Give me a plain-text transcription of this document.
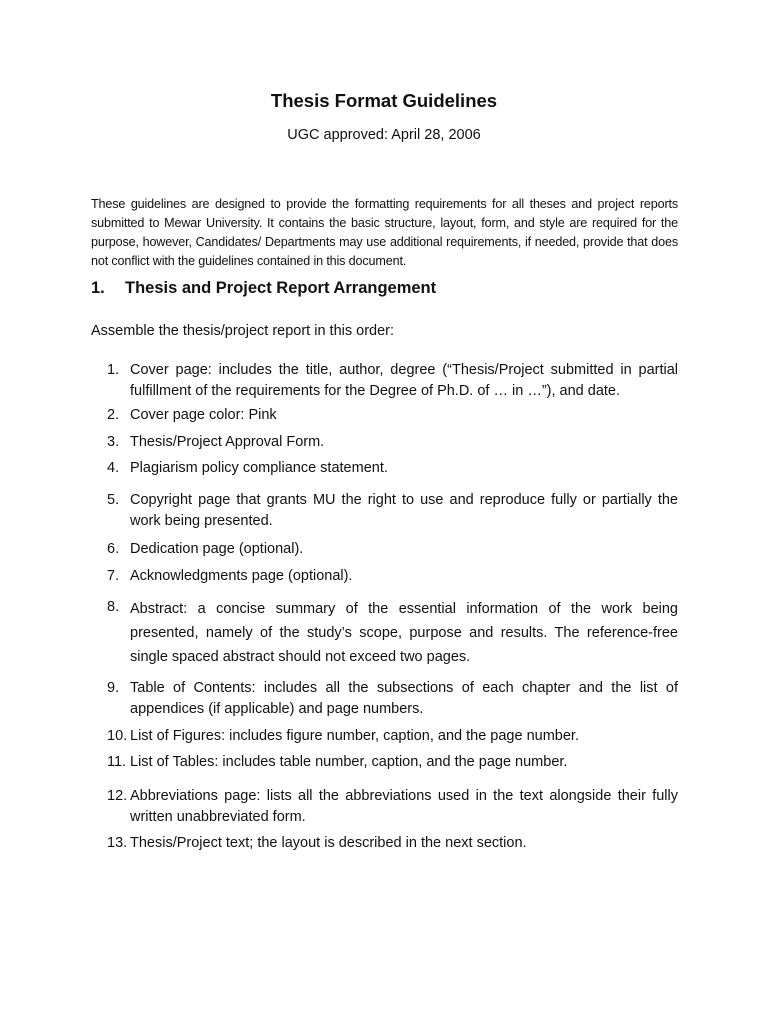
Thesis Format Guidelines
UGC approved: April 28, 2006
These guidelines are designed to provide the formatting requirements for all theses and project reports submitted to Mewar University. It contains the basic structure, layout, form, and style are required for the purpose, however, Candidates/ Departments may use additional requirements, if needed, provide that does not conflict with the guidelines contained in this document.
1. Thesis and Project Report Arrangement
Assemble the thesis/project report in this order:
1. Cover page: includes the title, author, degree (“Thesis/Project submitted in partial fulfillment of the requirements for the Degree of Ph.D. of … in …”), and date.
2. Cover page color: Pink
3. Thesis/Project Approval Form.
4. Plagiarism policy compliance statement.
5. Copyright page that grants MU the right to use and reproduce fully or partially the work being presented.
6. Dedication page (optional).
7. Acknowledgments page (optional).
8. Abstract: a concise summary of the essential information of the work being presented, namely of the study’s scope, purpose and results. The reference-free single spaced abstract should not exceed two pages.
9. Table of Contents: includes all the subsections of each chapter and the list of appendices (if applicable) and page numbers.
10. List of Figures: includes figure number, caption, and the page number.
11. List of Tables: includes table number, caption, and the page number.
12. Abbreviations page: lists all the abbreviations used in the text alongside their fully written unabbreviated form.
13. Thesis/Project text; the layout is described in the next section.
